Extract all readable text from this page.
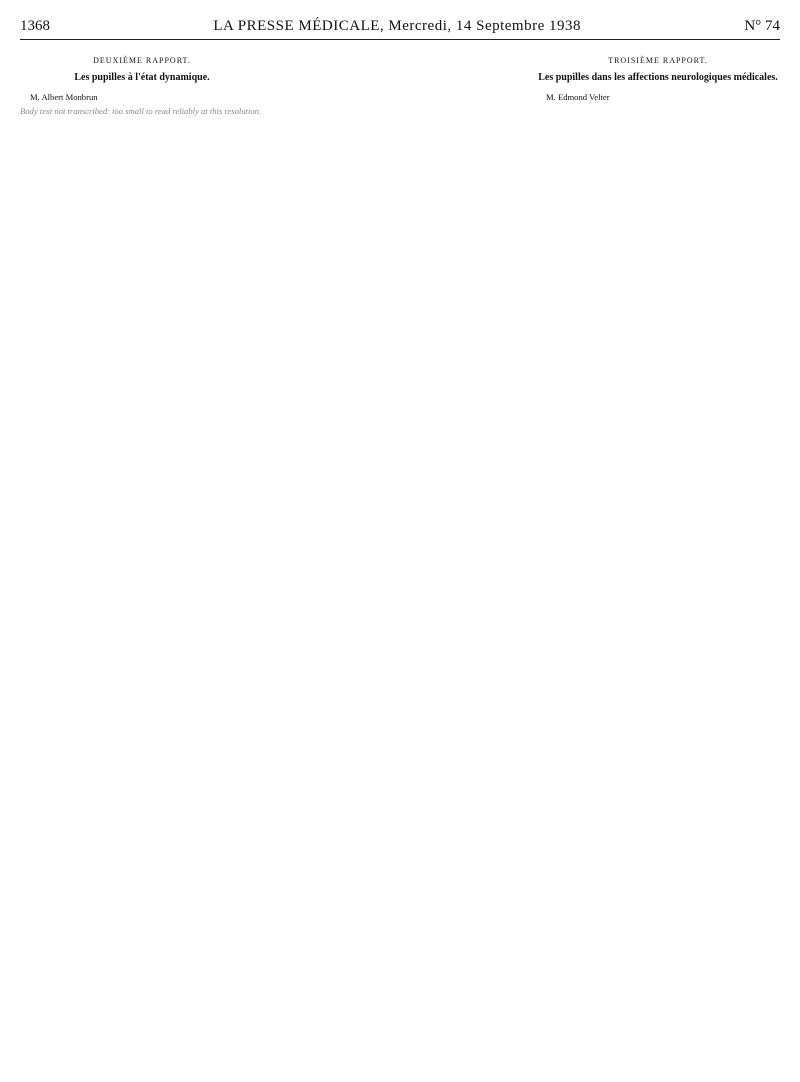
1368	LA PRESSE MÉDICALE, Mercredi, 14 Septembre 1938	N° 74
DEUXIÈME RAPPORT.
Les pupilles à l'état dynamique.

M. Albert Monbrun

Body text not transcribed: too small to read reliably at this resolution.

TROISIÈME RAPPORT.
Les pupilles dans les affections neurologiques médicales.

M. Edmond Velter
